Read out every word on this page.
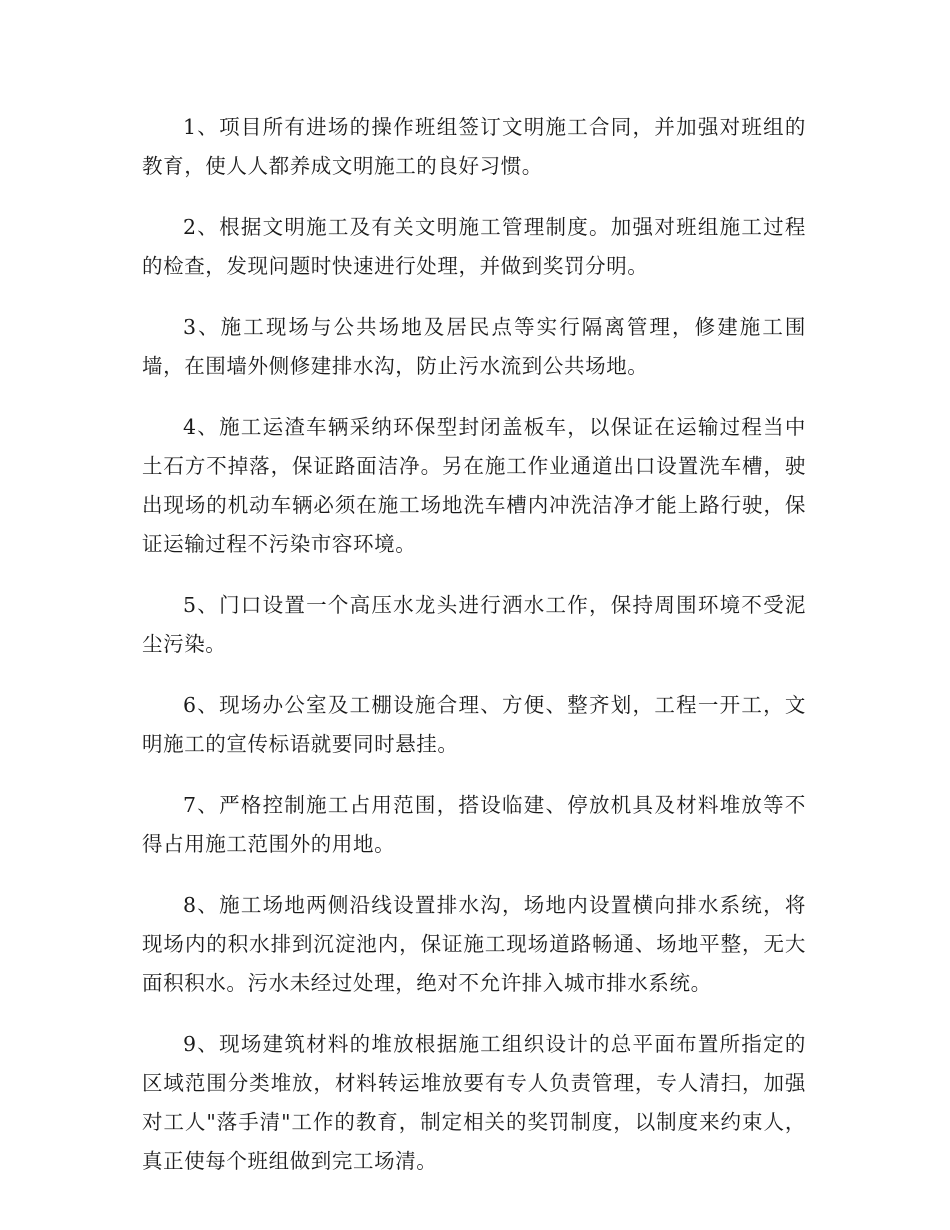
1、项目所有进场的操作班组签订文明施工合同，并加强对班组的教育，使人人都养成文明施工的良好习惯。

2、根据文明施工及有关文明施工管理制度。加强对班组施工过程的检查，发现问题时快速进行处理，并做到奖罚分明。

3、施工现场与公共场地及居民点等实行隔离管理，修建施工围墙，在围墙外侧修建排水沟，防止污水流到公共场地。

4、施工运渣车辆采纳环保型封闭盖板车，以保证在运输过程当中土石方不掉落，保证路面洁净。另在施工作业通道出口设置洗车槽，驶出现场的机动车辆必须在施工场地洗车槽内冲洗洁净才能上路行驶，保证运输过程不污染市容环境。

5、门口设置一个高压水龙头进行洒水工作，保持周围环境不受泥尘污染。

6、现场办公室及工棚设施合理、方便、整齐划，工程一开工，文明施工的宣传标语就要同时悬挂。

7、严格控制施工占用范围，搭设临建、停放机具及材料堆放等不得占用施工范围外的用地。

8、施工场地两侧沿线设置排水沟，场地内设置横向排水系统，将现场内的积水排到沉淀池内，保证施工现场道路畅通、场地平整，无大面积积水。污水未经过处理，绝对不允许排入城市排水系统。

9、现场建筑材料的堆放根据施工组织设计的总平面布置所指定的区域范围分类堆放，材料转运堆放要有专人负责管理，专人清扫，加强对工人"落手清"工作的教育，制定相关的奖罚制度，以制度来约束人，真正使每个班组做到完工场清。
